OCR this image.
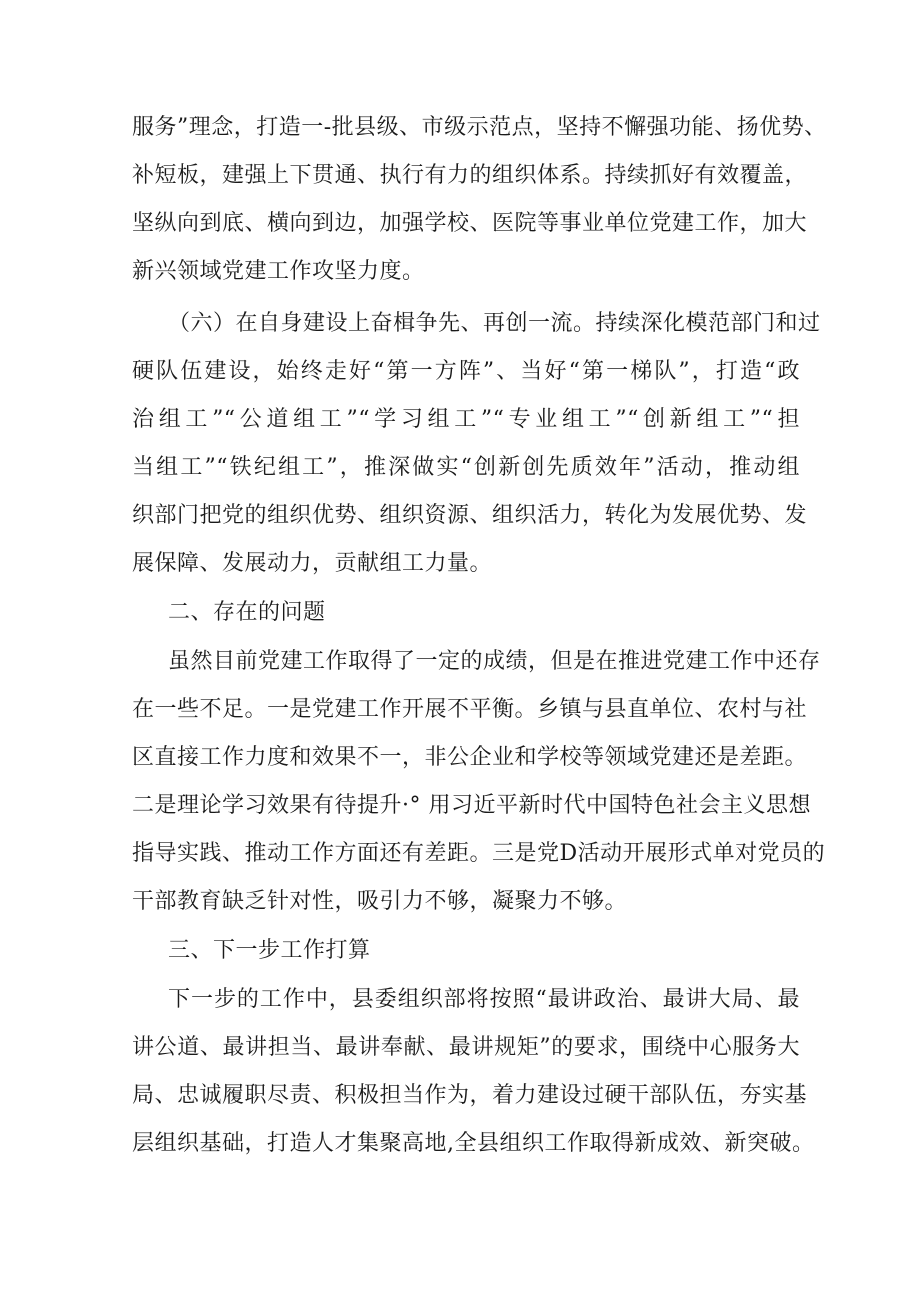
服务”理念，打造一-批县级、市级示范点，坚持不懈强功能、扬优势、
补短板，建强上下贯通、执行有力的组织体系。持续抓好有效覆盖，
坚纵向到底、横向到边，加强学校、医院等事业单位党建工作，加大
新兴领域党建工作攻坚力度。
（六）在自身建设上奋楫争先、再创一流。持续深化模范部门和过
硬队伍建设，始终走好“第一方阵”、当好“第一梯队”，打造“政
治组工”“公道组工”“学习组工”“专业组工”“创新组工”“担
当组工”“铁纪组工”，推深做实“创新创先质效年”活动，推动组
织部门把党的组织优势、组织资源、组织活力，转化为发展优势、发
展保障、发展动力，贡献组工力量。
二、存在的问题
虽然目前党建工作取得了一定的成绩，但是在推进党建工作中还存
在一些不足。一是党建工作开展不平衡。乡镇与县直单位、农村与社
区直接工作力度和效果不一，非公企业和学校等领域党建还是差距。
二是理论学习效果有待提升·° 用习近平新时代中国特色社会主义思想
指导实践、推动工作方面还有差距。三是党D活动开展形式单对党员的
干部教育缺乏针对性，吸引力不够，凝聚力不够。
三、下一步工作打算
下一步的工作中，县委组织部将按照“最讲政治、最讲大局、最
讲公道、最讲担当、最讲奉献、最讲规矩”的要求，围绕中心服务大
局、忠诚履职尽责、积极担当作为，着力建设过硬干部队伍，夯实基
层组织基础，打造人才集聚高地,全县组织工作取得新成效、新突破。
